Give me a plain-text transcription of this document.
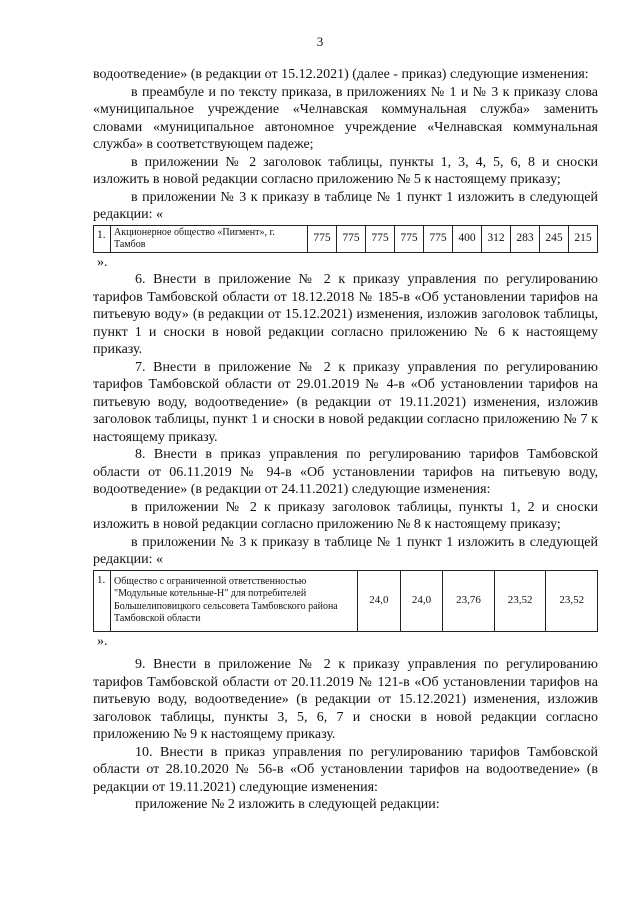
3

водоотведение» (в редакции от 15.12.2021) (далее - приказ) следующие изменения:

в преамбуле и по тексту приказа, в приложениях № 1 и № 3 к приказу слова «муниципальное учреждение «Челнавская коммунальная служба» заменить словами «муниципальное автономное учреждение «Челнавская коммунальная служба» в соответствующем падеже;

в приложении № 2 заголовок таблицы, пункты 1, 3, 4, 5, 6, 8 и сноски изложить в новой редакции согласно приложению № 5 к настоящему приказу;

в приложении № 3 к приказу в таблице № 1 пункт 1 изложить в следующей редакции: «

1.	Акционерное общество «Пигмент», г. Тамбов	775	775	775	775	775	400	312	283	245	215

».

6. Внести в приложение № 2 к приказу управления по регулированию тарифов Тамбовской области от 18.12.2018 № 185-в «Об установлении тарифов на питьевую воду» (в редакции от 15.12.2021) изменения, изложив заголовок таблицы, пункт 1 и сноски в новой редакции согласно приложению № 6 к настоящему приказу.

7. Внести в приложение № 2 к приказу управления по регулированию тарифов Тамбовской области от 29.01.2019 № 4-в «Об установлении тарифов на питьевую воду, водоотведение» (в редакции от 19.11.2021) изменения, изложив заголовок таблицы, пункт 1 и сноски в новой редакции согласно приложению № 7 к настоящему приказу.

8. Внести в приказ управления по регулированию тарифов Тамбовской области от 06.11.2019 № 94-в «Об установлении тарифов на питьевую воду, водоотведение» (в редакции от 24.11.2021) следующие изменения:

в приложении № 2 к приказу заголовок таблицы, пункты 1, 2 и сноски изложить в новой редакции согласно приложению № 8 к настоящему приказу;

в приложении № 3 к приказу в таблице № 1 пункт 1 изложить в следующей редакции: «

1.	Общество с ограниченной ответственностью "Модульные котельные-Н" для потребителей Большелиповицкого сельсовета Тамбовского района Тамбовской области	24,0	24,0	23,76	23,52	23,52

».

9. Внести в приложение № 2 к приказу управления по регулированию тарифов Тамбовской области от 20.11.2019 № 121-в «Об установлении тарифов на питьевую воду, водоотведение» (в редакции от 15.12.2021) изменения, изложив заголовок таблицы, пункты 3, 5, 6, 7 и сноски в новой редакции согласно приложению № 9 к настоящему приказу.

10. Внести в приказ управления по регулированию тарифов Тамбовской области от 28.10.2020 № 56-в «Об установлении тарифов на водоотведение» (в редакции от 19.11.2021) следующие изменения:

приложение № 2 изложить в следующей редакции:
